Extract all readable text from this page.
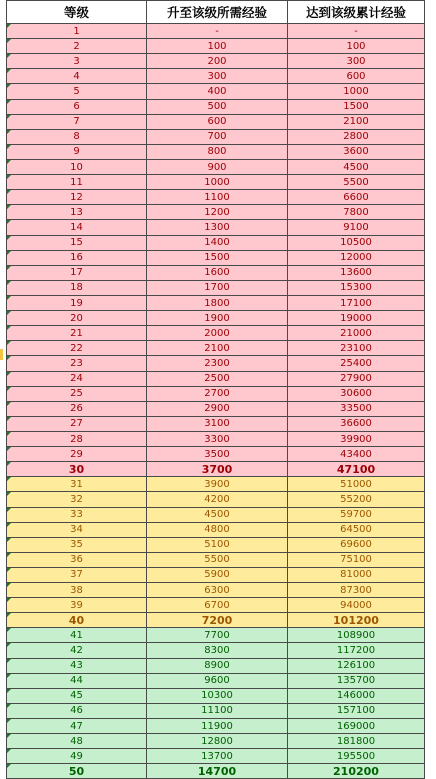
等级	升至该级所需经验	达到该级累计经验
1	-	-
2	100	100
3	200	300
4	300	600
5	400	1000
6	500	1500
7	600	2100
8	700	2800
9	800	3600
10	900	4500
11	1000	5500
12	1100	6600
13	1200	7800
14	1300	9100
15	1400	10500
16	1500	12000
17	1600	13600
18	1700	15300
19	1800	17100
20	1900	19000
21	2000	21000
22	2100	23100
23	2300	25400
24	2500	27900
25	2700	30600
26	2900	33500
27	3100	36600
28	3300	39900
29	3500	43400
30	3700	47100
31	3900	51000
32	4200	55200
33	4500	59700
34	4800	64500
35	5100	69600
36	5500	75100
37	5900	81000
38	6300	87300
39	6700	94000
40	7200	101200
41	7700	108900
42	8300	117200
43	8900	126100
44	9600	135700
45	10300	146000
46	11100	157100
47	11900	169000
48	12800	181800
49	13700	195500
50	14700	210200
